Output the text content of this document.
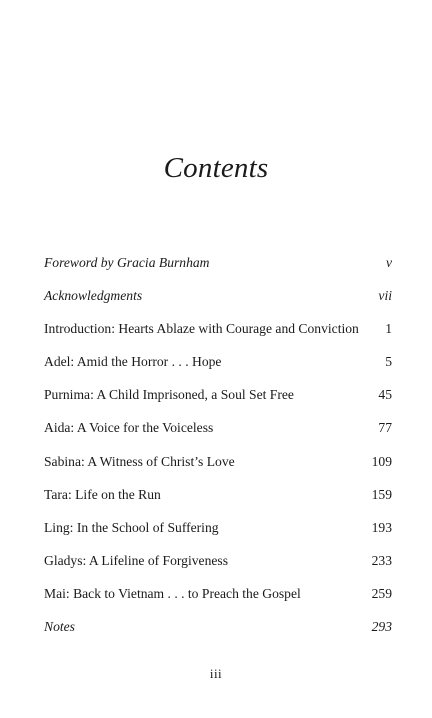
Contents
Foreword by Gracia Burnham	v
Acknowledgments	vii
Introduction: Hearts Ablaze with Courage and Conviction	1
Adel: Amid the Horror . . . Hope	5
Purnima: A Child Imprisoned, a Soul Set Free	45
Aida: A Voice for the Voiceless	77
Sabina: A Witness of Christ’s Love	109
Tara: Life on the Run	159
Ling: In the School of Suffering	193
Gladys: A Lifeline of Forgiveness	233
Mai: Back to Vietnam . . . to Preach the Gospel	259
Notes	293
iii
